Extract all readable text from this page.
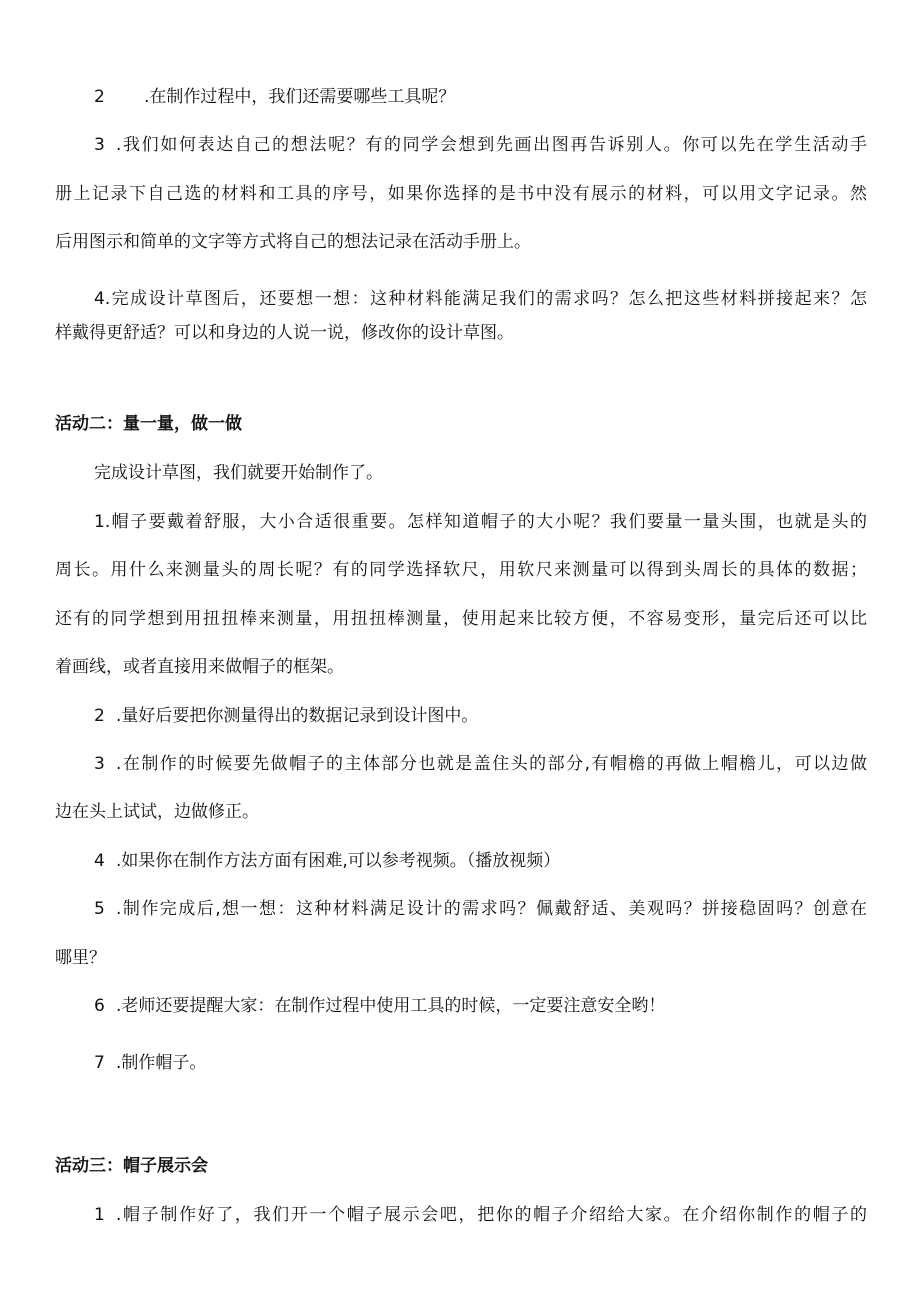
2 .在制作过程中，我们还需要哪些工具呢？
3 .我们如何表达自己的想法呢？有的同学会想到先画出图再告诉别人。你可以先在学生活动手
册上记录下自己选的材料和工具的序号，如果你选择的是书中没有展示的材料，可以用文字记录。然
后用图示和简单的文字等方式将自己的想法记录在活动手册上。
4.完成设计草图后，还要想一想：这种材料能满足我们的需求吗？怎么把这些材料拼接起来？怎
样戴得更舒适？可以和身边的人说一说，修改你的设计草图。
活动二：量一量，做一做
完成设计草图，我们就要开始制作了。
1.帽子要戴着舒服，大小合适很重要。怎样知道帽子的大小呢？我们要量一量头围，也就是头的
周长。用什么来测量头的周长呢？有的同学选择软尺，用软尺来测量可以得到头周长的具体的数据；
还有的同学想到用扭扭棒来测量，用扭扭棒测量，使用起来比较方便，不容易变形，量完后还可以比
着画线，或者直接用来做帽子的框架。
2 .量好后要把你测量得出的数据记录到设计图中。
3 .在制作的时候要先做帽子的主体部分也就是盖住头的部分,有帽檐的再做上帽檐儿，可以边做
边在头上试试，边做修正。
4 .如果你在制作方法方面有困难,可以参考视频。（播放视频）
5 .制作完成后,想一想：这种材料满足设计的需求吗？佩戴舒适、美观吗？拼接稳固吗？创意在
哪里？
6 .老师还要提醒大家：在制作过程中使用工具的时候，一定要注意安全哟！
7 .制作帽子。
活动三：帽子展示会
1 .帽子制作好了，我们开一个帽子展示会吧，把你的帽子介绍给大家。在介绍你制作的帽子的
